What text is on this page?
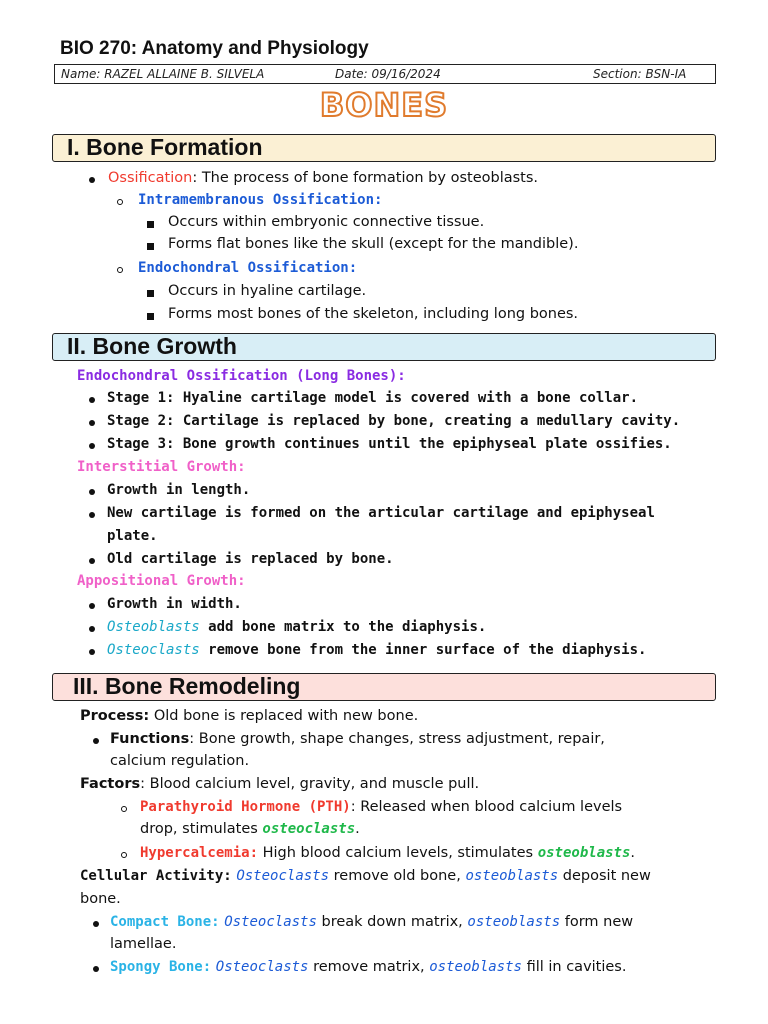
BIO 270: Anatomy and Physiology
Name: RAZEL ALLAINE B. SILVELA	Date: 09/16/2024	Section: BSN-IA
BONES
I. Bone Formation
Ossification: The process of bone formation by osteoblasts.
Intramembranous Ossification:
Occurs within embryonic connective tissue.
Forms flat bones like the skull (except for the mandible).
Endochondral Ossification:
Occurs in hyaline cartilage.
Forms most bones of the skeleton, including long bones.
II. Bone Growth
Endochondral Ossification (Long Bones):
Stage 1: Hyaline cartilage model is covered with a bone collar.
Stage 2: Cartilage is replaced by bone, creating a medullary cavity.
Stage 3: Bone growth continues until the epiphyseal plate ossifies.
Interstitial Growth:
Growth in length.
New cartilage is formed on the articular cartilage and epiphyseal
plate.
Old cartilage is replaced by bone.
Appositional Growth:
Growth in width.
Osteoblasts add bone matrix to the diaphysis.
Osteoclasts remove bone from the inner surface of the diaphysis.
III. Bone Remodeling
Process: Old bone is replaced with new bone.
Functions: Bone growth, shape changes, stress adjustment, repair,
calcium regulation.
Factors: Blood calcium level, gravity, and muscle pull.
Parathyroid Hormone (PTH): Released when blood calcium levels
drop, stimulates osteoclasts.
Hypercalcemia: High blood calcium levels, stimulates osteoblasts.
Cellular Activity: Osteoclasts remove old bone, osteoblasts deposit new
bone.
Compact Bone: Osteoclasts break down matrix, osteoblasts form new
lamellae.
Spongy Bone: Osteoclasts remove matrix, osteoblasts fill in cavities.
